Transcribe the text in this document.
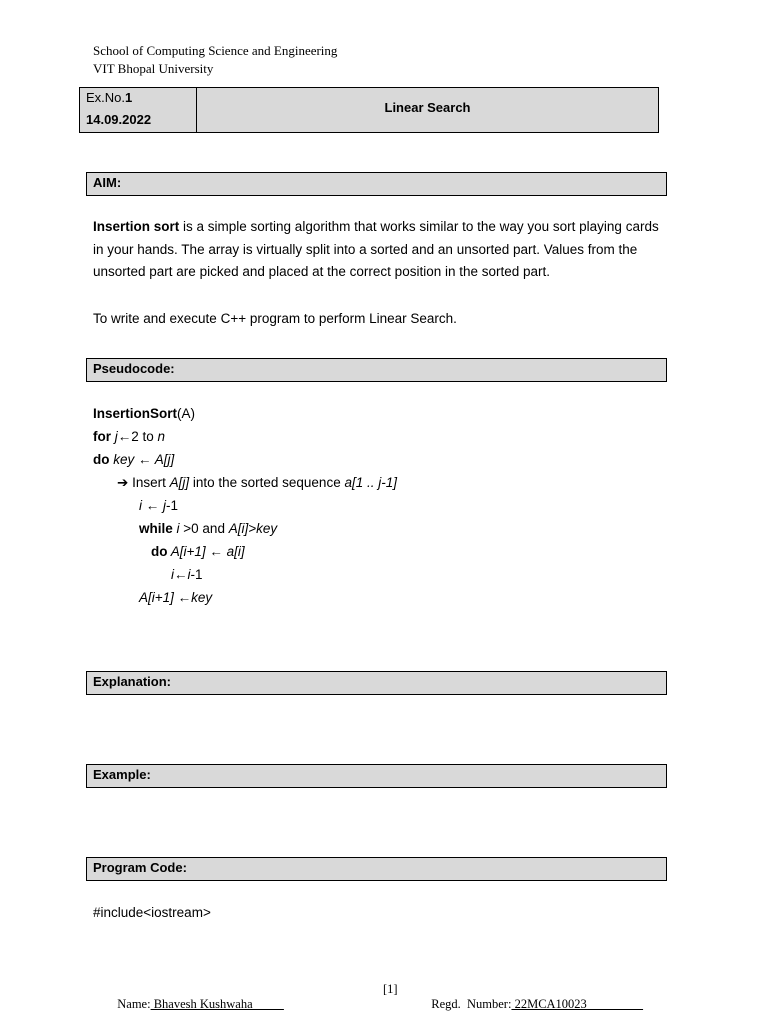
School of Computing Science and Engineering
VIT Bhopal University
Ex.No.1
14.09.2022
Linear Search
AIM:
Insertion sort is a simple sorting algorithm that works similar to the way you sort playing cards in your hands. The array is virtually split into a sorted and an unsorted part. Values from the unsorted part are picked and placed at the correct position in the sorted part.
To write and execute C++ program to perform Linear Search.
Pseudocode:
InsertionSort(A)
for j←2 to n
do key ← A[j]
➔ Insert A[j] into the sorted sequence a[1 .. j-1]
i ← j-1
while i >0 and A[i]>key
do A[i+1] ← a[i]
i←i-1
A[i+1] ←key
Explanation:
Example:
Program Code:
#include<iostream>

Name: Bhavesh Kushwaha

[1]

Regd.  Number: 22MCA10023
